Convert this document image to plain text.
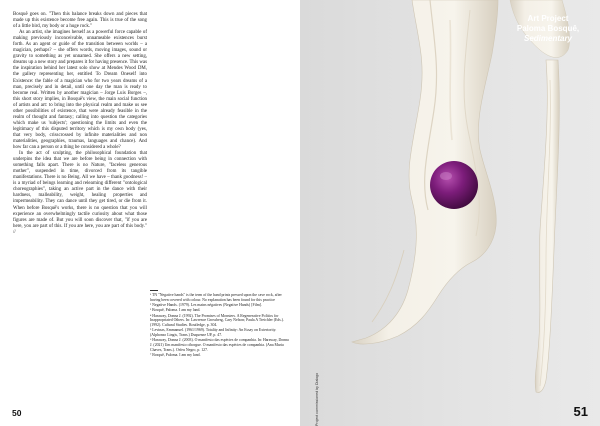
Bosquê goes on. "Then this balance breaks down and pieces that made up this existence become free again. This is true of the song of a little bird, my body or a huge rock."

As an artist, she imagines herself as a powerful force capable of making previously inconceivable, unnameable existences burst forth. As an agent or guide of the transition between worlds – a magician, perhaps? – she offers words, moving images, sound or gravity to something as yet unnamed. She offers a new setting, dreams up a new story and prepares it for having presence. This was the inspiration behind her latest solo show at Mendes Wood DM, the gallery representing her, entitled To Dream Oneself into Existence: the fable of a magician who for two years dreams of a man, precisely and in detail, until one day the man is ready to become real. Written by another magician – Jorge Luis Borges –, this short story implies, in Bosquê's view, the main social function of artists and art: to bring into the physical realm and make us see other possibilities of existence, that were already feasible in the realm of thought and fantasy; calling into question the categories which make us 'subjects'; questioning the limits and even the legitimacy of this disputed territory which is my own body (yes, that very body, crisscrossed by infinite materialities and non materialities, geographies, traumas, languages and chance). And how far can a person or a thing be considered a whole?

In the act of sculpting, the philosophical foundation that underpins the idea that we are before being in connection with something falls apart. There is no Nature, "faceless generous mother", suspended in time, divorced from its tangible manifestations. There is no Being. All we have – thank goodness! – is a myriad of beings learning and relearning different "ontological choreographies", taking an active part in the dance with their hardness, malleability, weight, healing properties and impermeability. They can dance until they get tired, or die from it. When before Bosquê's works, there is no question that you will experience an overwhelmingly tactile curiosity about what those figures are made of. But you will soon discover that, "if you are here, you are part of this. If you are here, you are part of this body." //

¹ TN "Negative hands" is the term of the hand prints pressed upon the cave rock, after having been covered with colour. No explanation has been found for this practice

² Negative Hands. (1979). Les mains négatives (Negative Hands) [Film].

³ Bosquê, Paloma. I am my land.

⁴ Haraway, Donna J. (1992). The Promises of Monsters. A Regenerative Politics for Inappropriated Others. In: Lawrence Grossberg, Cary Nelson; Paula A Treichler (Eds.). (1992). Cultural Studies. Routledge, p. 304.

⁵ Levinas, Emmanuel. (1961/1969). Totality and Infinity: An Essay on Exteriority. (Alphonso Lingis, Trans.) Duquesne UP, p. 47.

⁶ Haraway, Donna J. (2003). O manifesto das espécies de companhia. In: Haraway, Donna J. (2021) Um manifesto ciborgue. O manifesto das espécies de companhia. (Ana Maria Chaves, Trans.). Orfeu Negro, p. 127.

⁷ Bosquê, Paloma. I am my land.

50
Art Project
Paloma Bosquê, Sedimentary
51
Project commissioned by Dialogo
